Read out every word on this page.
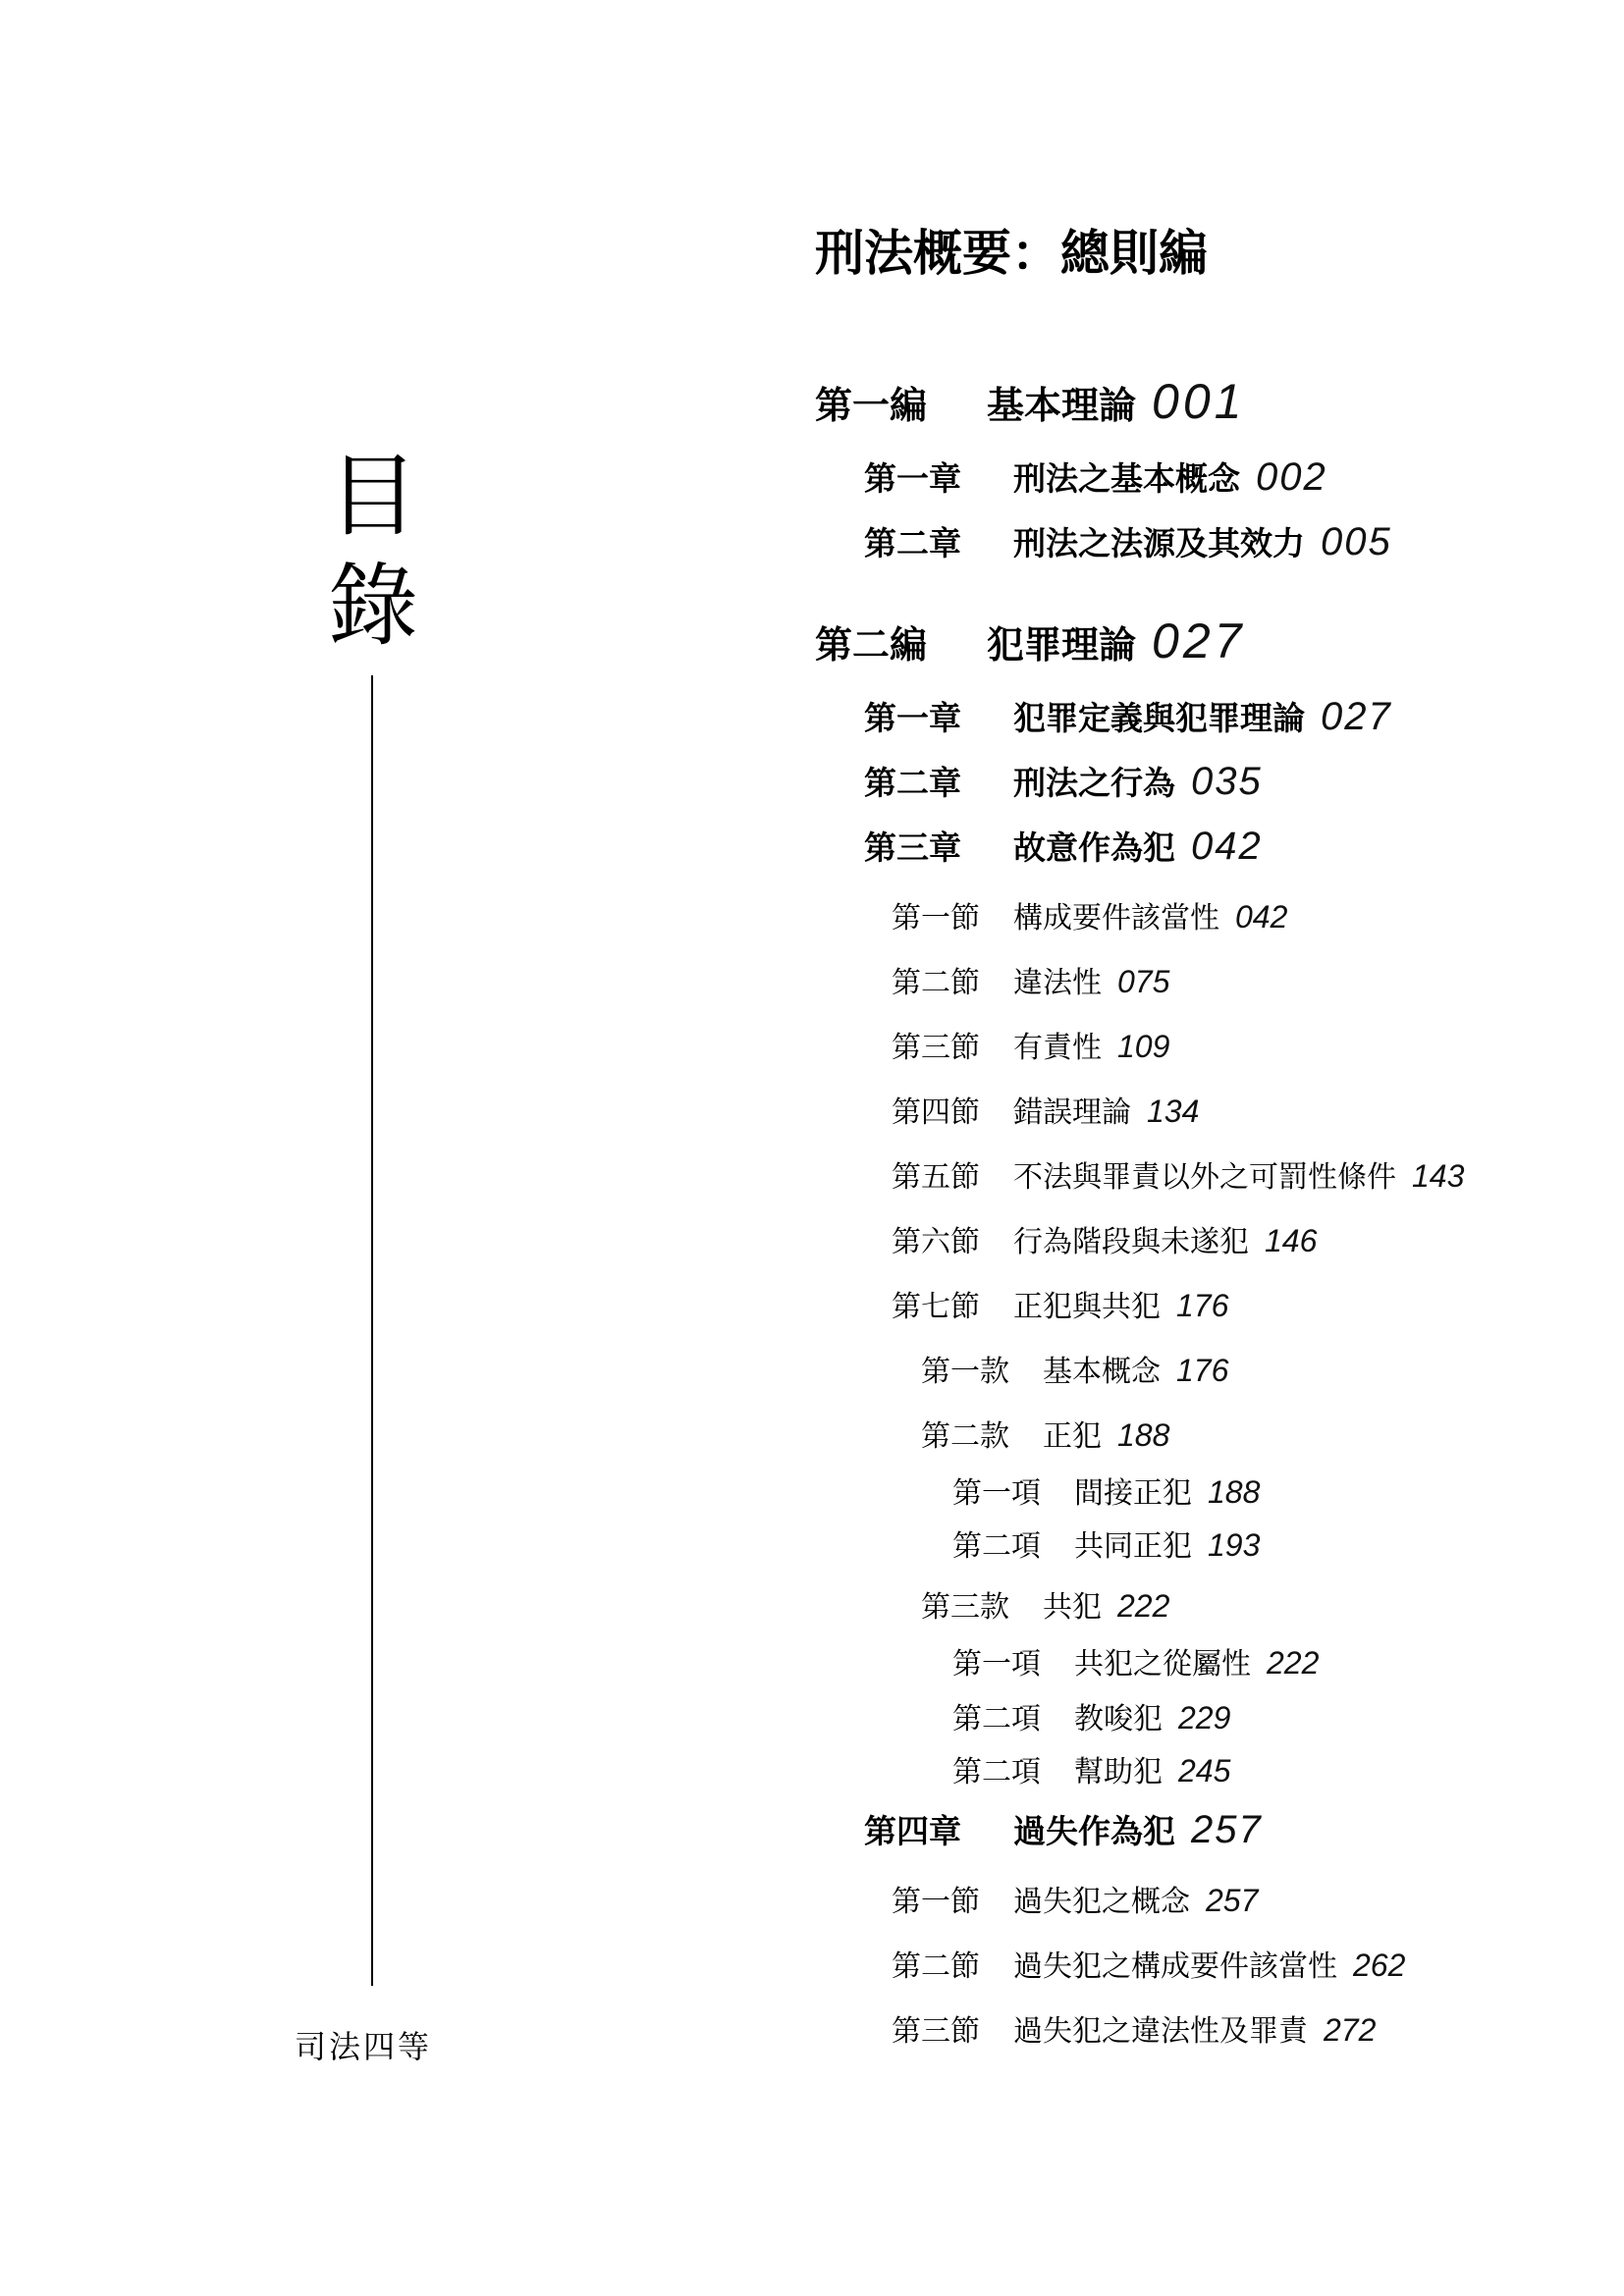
目
錄
司法四等
刑法概要：總則編
第一編	基本理論 001
第一章	刑法之基本概念 002
第二章	刑法之法源及其效力 005
第二編	犯罪理論 027
第一章	犯罪定義與犯罪理論 027
第二章	刑法之行為 035
第三章	故意作為犯 042
第一節	構成要件該當性 042
第二節	違法性 075
第三節	有責性 109
第四節	錯誤理論 134
第五節	不法與罪責以外之可罰性條件 143
第六節	行為階段與未遂犯 146
第七節	正犯與共犯 176
第一款	基本概念 176
第二款	正犯 188
第一項	間接正犯 188
第二項	共同正犯 193
第三款	共犯 222
第一項	共犯之從屬性 222
第二項	教唆犯 229
第二項	幫助犯 245
第四章	過失作為犯 257
第一節	過失犯之概念 257
第二節	過失犯之構成要件該當性 262
第三節	過失犯之違法性及罪責 272
